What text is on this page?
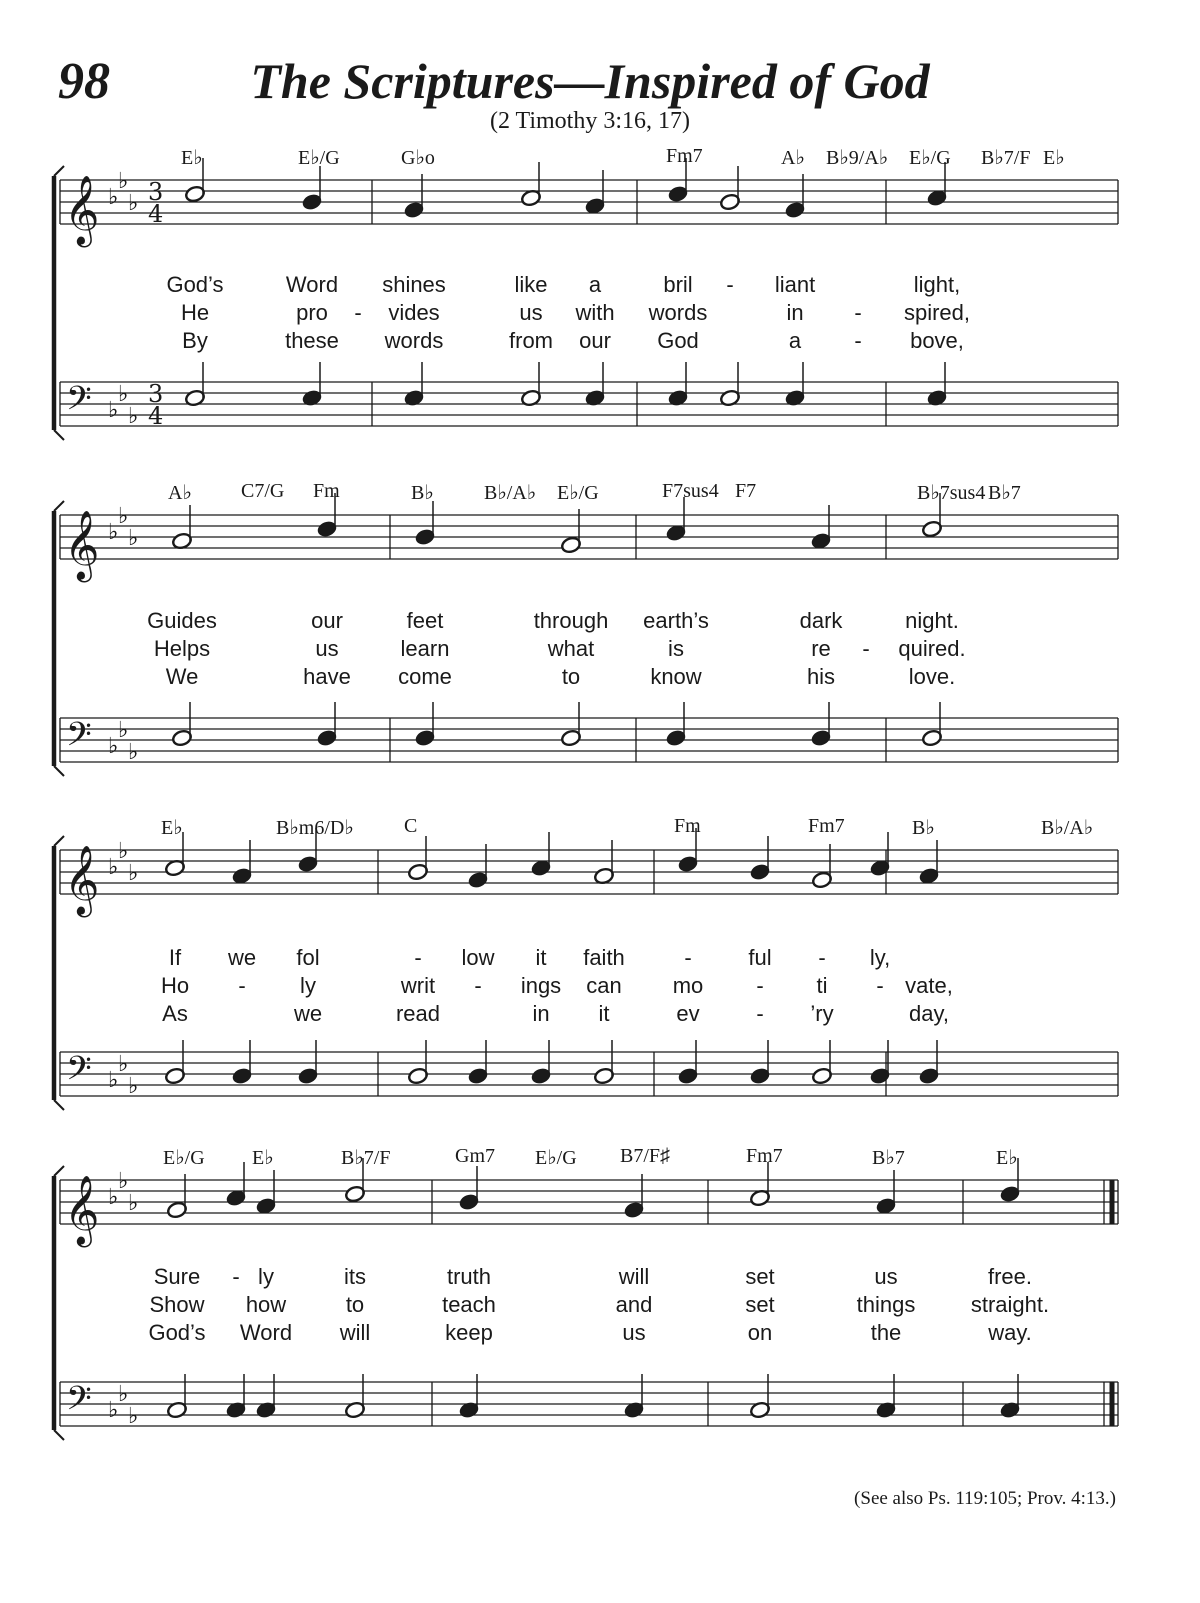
98	The Scriptures—Inspired of God
(2 Timothy 3:16, 17)
𝄞
𝄢
♭
♭
♭
♭
♭
♭
3
4
3
4
𝄞
𝄢
♭
♭
♭
♭
♭
♭
𝄞
𝄢
♭
♭
♭
♭
♭
♭
𝄞
𝄢
♭
♭
♭
♭
♭
♭
E♭	E♭/G	G♭o	Fm7	A♭ B♭9/A♭ E♭/G B♭7/F E♭
God’s	Word shines	like a	bril - liant	light,
He	pro - vides	us with words	in - spired,
By	these words	from our God	a - bove,
A♭ C7/G Fm	B♭	B♭/A♭ E♭/G	F7sus4 F7	B♭7sus4 B♭7
Guides	our	feet	through earth’s	dark	night.
Helps	us	learn	what	is	re - quired.
We	have come	to	know	his	love.
E♭	B♭m6/D♭	C	Fm	Fm7	B♭	B♭/A♭
If we fol	- low it faith	-	ful - ly,
Ho - ly	writ - ings can mo - ti - vate,
As	we	read	in it	ev	- ’ry	day,
E♭/G E♭	B♭7/F	Gm7 E♭/G B7/F♯	Fm7	B♭7	E♭
Sure - ly	its	truth	will	set	us	free.
Show how	to	teach	and	set	things	straight.
God’s Word will	keep	us	on	the	way.
(See also Ps. 119:105; Prov. 4:13.)
